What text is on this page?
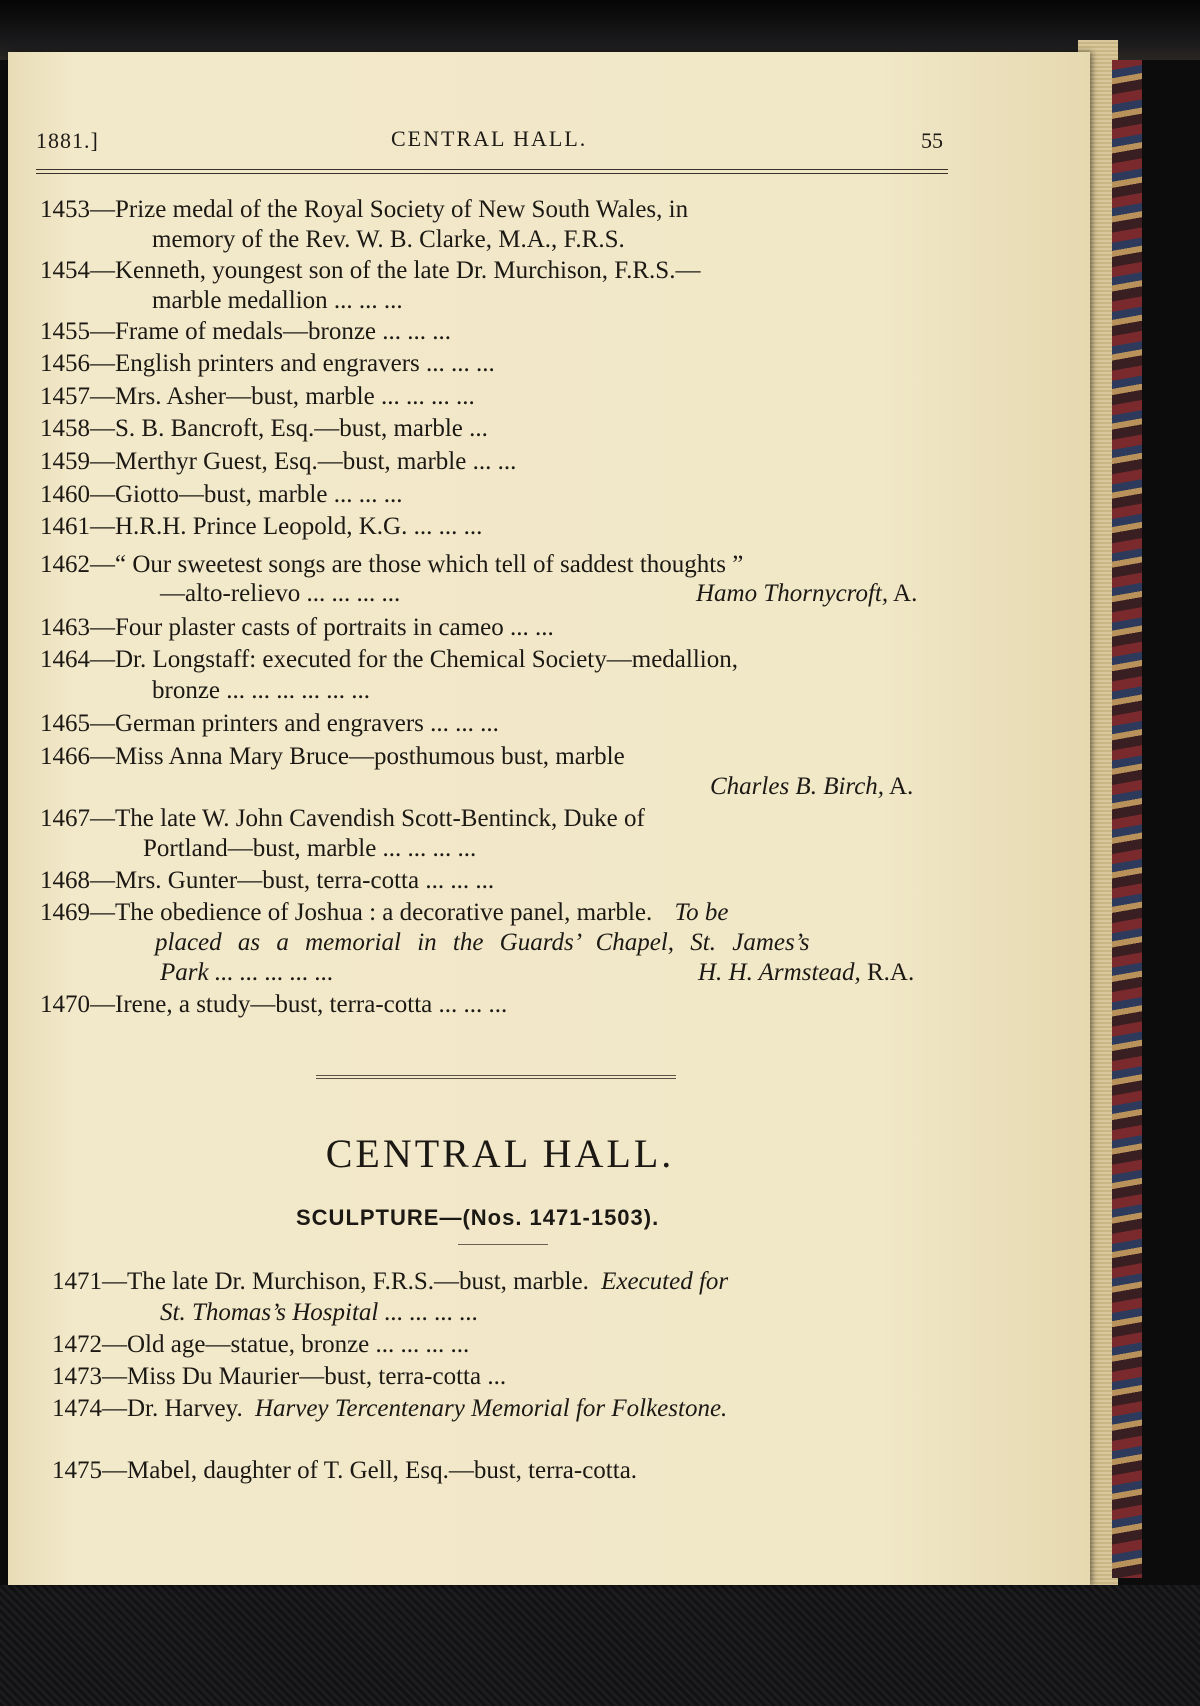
1881.]	CENTRAL HALL.	55
1453—Prize medal of the Royal Society of New South Wales, in
memory of the Rev. W. B. Clarke, M.A., F.R.S.
1454—Kenneth, youngest son of the late Dr. Murchison, F.R.S.—
marble medallion ... ... ...
1455—Frame of medals—bronze ... ... ...
1456—English printers and engravers ... ... ...
1457—Mrs. Asher—bust, marble ... ... ... ...
1458—S. B. Bancroft, Esq.—bust, marble ...
1459—Merthyr Guest, Esq.—bust, marble ... ...
1460—Giotto—bust, marble ... ... ...
1461—H.R.H. Prince Leopold, K.G. ... ... ...
1462—“ Our sweetest songs are those which tell of saddest thoughts ”
—alto-relievo ... ... ... ...	Hamo Thornycroft, A.
1463—Four plaster casts of portraits in cameo ... ...
1464—Dr. Longstaff: executed for the Chemical Society—medallion,
bronze ... ... ... ... ... ...
1465—German printers and engravers ... ... ...
1466—Miss Anna Mary Bruce—posthumous bust, marble
Charles B. Birch, A.
1467—The late W. John Cavendish Scott-Bentinck, Duke of
Portland—bust, marble ... ... ... ...
1468—Mrs. Gunter—bust, terra-cotta ... ... ...
1469—The obedience of Joshua : a decorative panel, marble. To be
placed as a memorial in the Guards’ Chapel, St. James’s
Park ... ... ... ... ...	H. H. Armstead, R.A.
1470—Irene, a study—bust, terra-cotta ... ... ...
CENTRAL HALL.
SCULPTURE—(Nos. 1471-1503).
1471—The late Dr. Murchison, F.R.S.—bust, marble. Executed for
St. Thomas’s Hospital ... ... ... ...
1472—Old age—statue, bronze ... ... ... ...
1473—Miss Du Maurier—bust, terra-cotta ...
1474—Dr. Harvey. Harvey Tercentenary Memorial for Folkestone.
1475—Mabel, daughter of T. Gell, Esq.—bust, terra-cotta.
